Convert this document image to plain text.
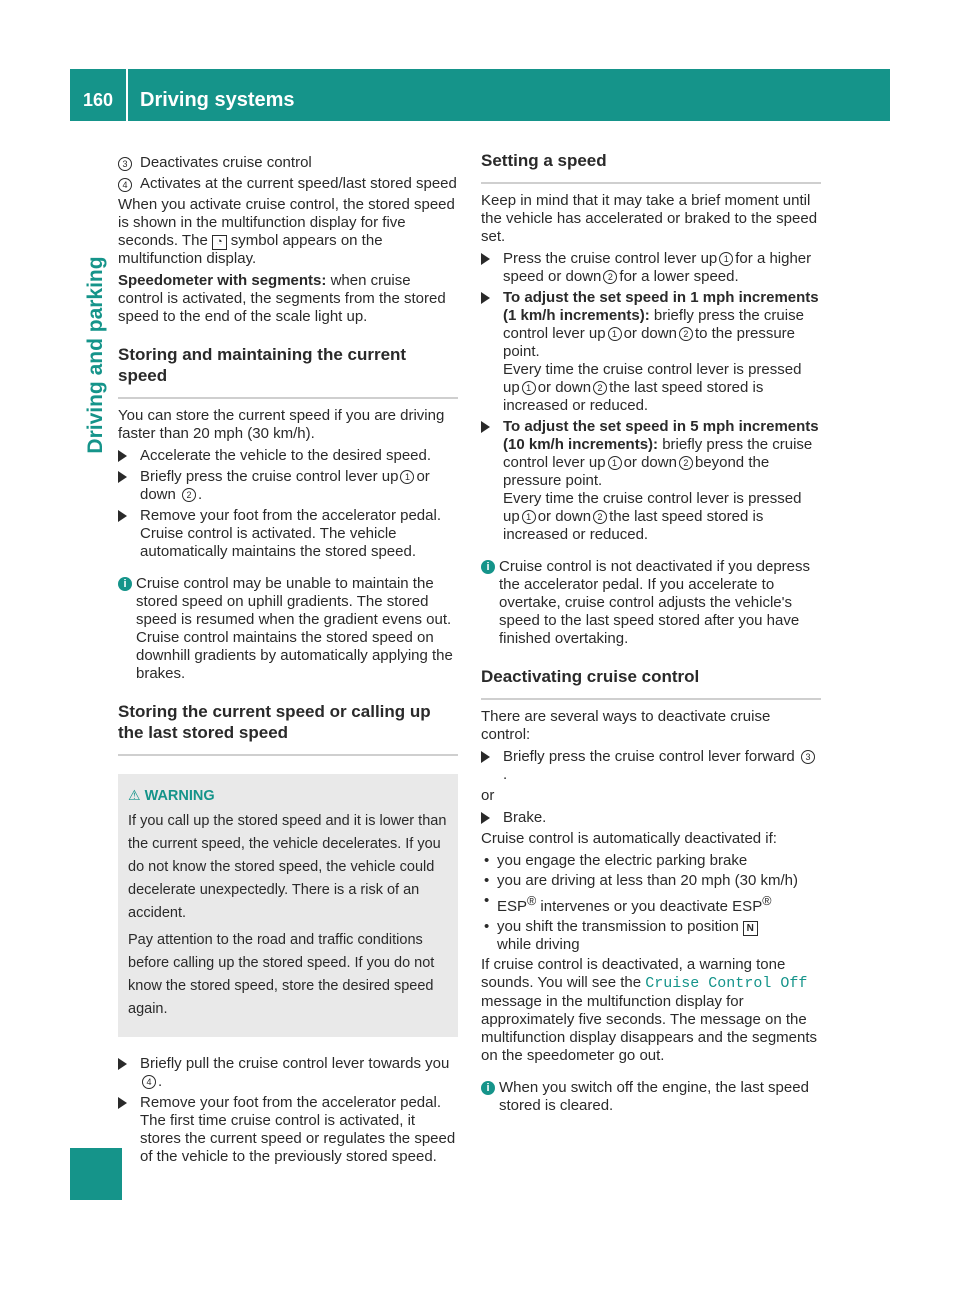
160	Driving systems
Driving and parking
3 Deactivates cruise control
4 Activates at the current speed/last stored speed

When you activate cruise control, the stored speed is shown in the multifunction display for five seconds. The ◔ symbol appears on the multifunction display.

Speedometer with segments: when cruise control is activated, the segments from the stored speed to the end of the scale light up.

Storing and maintaining the current speed

You can store the current speed if you are driving faster than 20 mph (30 km/h).

Accelerate the vehicle to the desired speed.
Briefly press the cruise control lever up 1 or down 2 .
Remove your foot from the accelerator pedal. Cruise control is activated. The vehicle automatically maintains the stored speed.
i Cruise control may be unable to maintain the stored speed on uphill gradients. The stored speed is resumed when the gradient evens out. Cruise control maintains the stored speed on downhill gradients by automatically applying the brakes.
Storing the current speed or calling up the last stored speed
⚠ WARNING

If you call up the stored speed and it is lower than the current speed, the vehicle decelerates. If you do not know the stored speed, the vehicle could decelerate unexpectedly. There is a risk of an accident.

Pay attention to the road and traffic conditions before calling up the stored speed. If you do not know the stored speed, store the desired speed again.

Briefly pull the cruise control lever towards you 4 .
Remove your foot from the accelerator pedal. The first time cruise control is activated, it stores the current speed or regulates the speed of the vehicle to the previously stored speed.
Setting a speed

Keep in mind that it may take a brief moment until the vehicle has accelerated or braked to the speed set.

Press the cruise control lever up 1 for a higher speed or down 2 for a lower speed.
To adjust the set speed in 1 mph increments (1 km/h increments): briefly press the cruise control lever up 1 or down 2 to the pressure point.
Every time the cruise control lever is pressed up 1 or down 2 the last speed stored is increased or reduced.
To adjust the set speed in 5 mph increments (10 km/h increments): briefly press the cruise control lever up 1 or down 2 beyond the pressure point.
Every time the cruise control lever is pressed up 1 or down 2 the last speed stored is increased or reduced.
i Cruise control is not deactivated if you depress the accelerator pedal. If you accelerate to overtake, cruise control adjusts the vehicle's speed to the last speed stored after you have finished overtaking.
Deactivating cruise control

There are several ways to deactivate cruise control:

Briefly press the cruise control lever forward 3.

or

Brake.

Cruise control is automatically deactivated if:

• you engage the electric parking brake
• you are driving at less than 20 mph (30 km/h)
• ESP® intervenes or you deactivate ESP®
• you shift the transmission to position N
while driving

If cruise control is deactivated, a warning tone sounds. You will see the Cruise Control Off message in the multifunction display for approximately five seconds. The message on the multifunction display disappears and the segments on the speedometer go out.

i When you switch off the engine, the last speed stored is cleared.
